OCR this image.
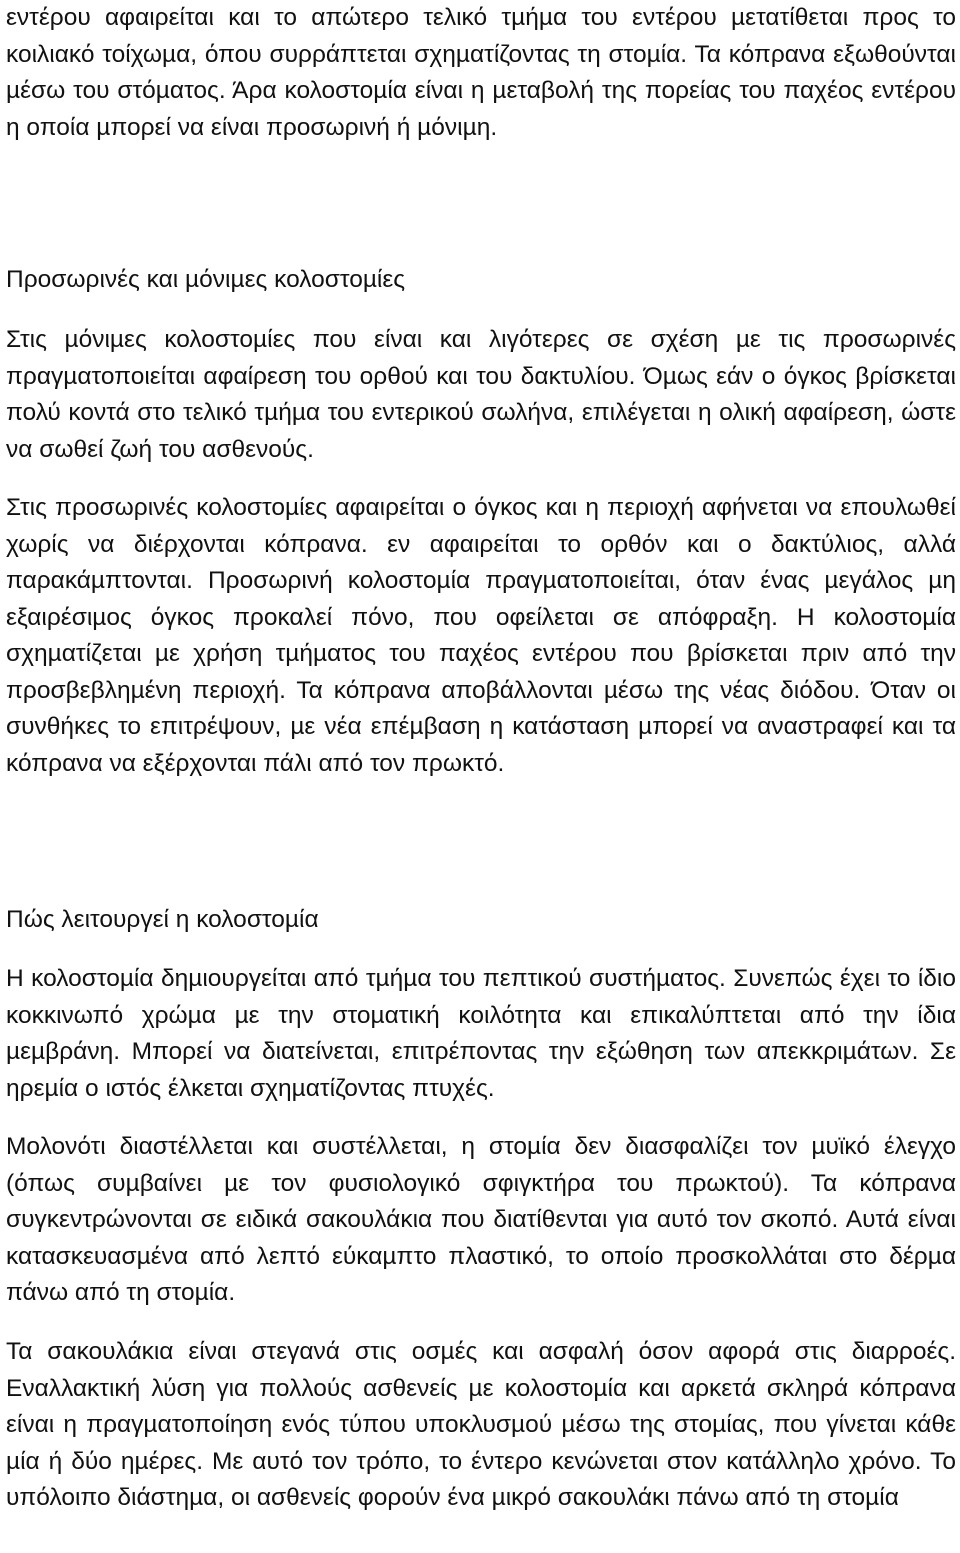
εντέρου αφαιρείται και το απώτερο τελικό τµήµα του εντέρου µετατίθεται προς το κοιλιακό τοίχωµα, όπου συρράπτεται σχηµατίζοντας τη στοµία. Τα κόπρανα εξωθούνται µέσω του στόµατος. Άρα κολοστοµία είναι η µεταβολή της πορείας του παχέος εντέρου η οποία µπορεί να είναι προσωρινή ή µόνιµη.

Προσωρινές και µόνιµες κολοστοµίες

Στις µόνιµες κολοστοµίες που είναι και λιγότερες σε σχέση µε τις προσωρινές πραγµατοποιείται αφαίρεση του ορθού και του δακτυλίου. Όµως εάν ο όγκος βρίσκεται πολύ κοντά στο τελικό τµήµα του εντερικού σωλήνα, επιλέγεται η ολική αφαίρεση, ώστε να σωθεί ζωή του ασθενούς.

Στις προσωρινές κολοστοµίες αφαιρείται ο όγκος και η περιοχή αφήνεται να επουλωθεί χωρίς να διέρχονται κόπρανα. εν αφαιρείται το ορθόν και ο δακτύλιος, αλλά παρακάµπτονται. Προσωρινή κολοστοµία πραγµατοποιείται, όταν ένας µεγάλος µη εξαιρέσιµος όγκος προκαλεί πόνο, που οφείλεται σε απόφραξη. Η κολοστοµία σχηµατίζεται µε χρήση τµήµατος του παχέος εντέρου που βρίσκεται πριν από την προσβεβληµένη περιοχή. Τα κόπρανα αποβάλλονται µέσω της νέας διόδου. Όταν οι συνθήκες το επιτρέψουν, µε νέα επέµβαση η κατάσταση µπορεί να αναστραφεί και τα κόπρανα να εξέρχονται πάλι από τον πρωκτό.

Πώς λειτουργεί η κολοστοµία

Η κολοστοµία δηµιουργείται από τµήµα του πεπτικού συστήµατος. Συνεπώς έχει το ίδιο κοκκινωπό χρώµα µε την στοµατική κοιλότητα και επικαλύπτεται από την ίδια µεµβράνη. Μπορεί να διατείνεται, επιτρέποντας την εξώθηση των απεκκριµάτων. Σε ηρεµία ο ιστός έλκεται σχηµατίζοντας πτυχές.

Μολονότι διαστέλλεται και συστέλλεται, η στοµία δεν διασφαλίζει τον µυϊκό έλεγχο (όπως συµβαίνει µε τον φυσιολογικό σφιγκτήρα του πρωκτού). Τα κόπρανα συγκεντρώνονται σε ειδικά σακουλάκια που διατίθενται για αυτό τον σκοπό. Αυτά είναι κατασκευασµένα από λεπτό εύκαµπτο πλαστικό, το οποίο προσκολλάται στο δέρµα πάνω από τη στοµία.

Τα σακουλάκια είναι στεγανά στις οσµές και ασφαλή όσον αφορά στις διαρροές. Εναλλακτική λύση για πολλούς ασθενείς µε κολοστοµία και αρκετά σκληρά κόπρανα είναι η πραγµατοποίηση ενός τύπου υποκλυσµού µέσω της στοµίας, που γίνεται κάθε µία ή δύο ηµέρες. Με αυτό τον τρόπο, το έντερο κενώνεται στον κατάλληλο χρόνο. Το υπόλοιπο διάστηµα, οι ασθενείς φορούν ένα µικρό σακουλάκι πάνω από τη στοµία
